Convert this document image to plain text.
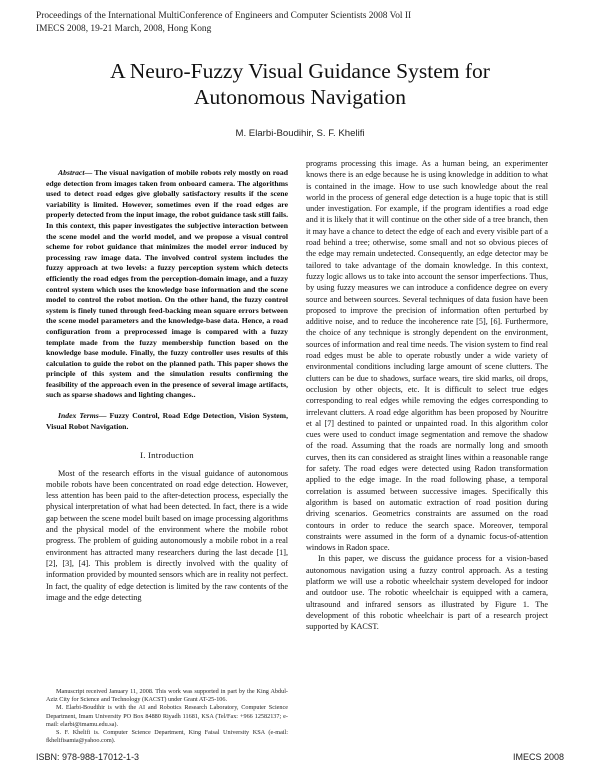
Proceedings of the International MultiConference of Engineers and Computer Scientists 2008 Vol II
IMECS 2008, 19-21 March, 2008, Hong Kong
A Neuro-Fuzzy Visual Guidance System for
Autonomous Navigation
M. Elarbi-Boudihir, S. F. Khelifi

Abstract— The visual navigation of mobile robots rely mostly on road edge detection from images taken from onboard camera. The algorithms used to detect road edges give globally satisfactory results if the scene variability is limited. However, sometimes even if the road edges are properly detected from the input image, the robot guidance task still fails. In this context, this paper investigates the subjective interaction between the scene model and the world model, and we propose a visual control scheme for robot guidance that minimizes the model error induced by processing raw image data. The involved control system includes the fuzzy approach at two levels: a fuzzy perception system which detects efficiently the road edges from the perception-domain image, and a fuzzy control system which uses the knowledge base information and the scene model to control the robot motion. On the other hand, the fuzzy control system is finely tuned through feed-backing mean square errors between the scene model parameters and the knowledge-base data. Hence, a road configuration from a preprocessed image is compared with a fuzzy template made from the fuzzy membership function based on the knowledge base module. Finally, the fuzzy controller uses results of this calculation to guide the robot on the planned path. This paper shows the principle of this system and the simulation results confirming the feasibility of the approach even in the presence of several image artifacts, such as sparse shadows and lighting changes..

Index Terms— Fuzzy Control, Road Edge Detection, Vision System, Visual Robot Navigation.

I. Introduction

Most of the research efforts in the visual guidance of autonomous mobile robots have been concentrated on road edge detection. However, less attention has been paid to the after-detection process, especially the physical interpretation of what had been detected. In fact, there is a wide gap between the scene model built based on image processing algorithms and the physical model of the environment where the mobile robot progress. The problem of guiding autonomously a mobile robot in a real environment has attracted many researchers during the last decade [1], [2], [3], [4]. This problem is directly involved with the quality of information provided by mounted sensors which are in reality not perfect. In fact, the quality of edge detection is limited by the raw contents of the image and the edge detecting

programs processing this image. As a human being, an experimenter knows there is an edge because he is using knowledge in addition to what is contained in the image. How to use such knowledge about the real world in the process of general edge detection is a huge topic that is still under investigation. For example, if the program identifies a road edge and it is likely that it will continue on the other side of a tree branch, then it may have a chance to detect the edge of each and every visible part of a road behind a tree; otherwise, some small and not so obvious pieces of the edge may remain undetected. Consequently, an edge detector may be tailored to take advantage of the domain knowledge. In this context, fuzzy logic allows us to take into account the sensor imperfections. Thus, by using fuzzy measures we can introduce a confidence degree on every source and between sources. Several techniques of data fusion have been proposed to improve the precision of information often perturbed by additive noise, and to reduce the incoherence rate [5], [6]. Furthermore, the choice of any technique is strongly dependent on the environment, sources of information and real time needs. The vision system to find real road edges must be able to operate robustly under a wide variety of environmental conditions including large amount of scene clutters. The clutters can be due to shadows, surface wears, tire skid marks, oil drops, occlusion by other objects, etc. It is difficult to select true edges corresponding to real edges while removing the edges corresponding to irrelevant clutters. A road edge algorithm has been proposed by Nouritre et al [7] destined to painted or unpainted road. In this algorithm color cues were used to conduct image segmentation and remove the shadow of the road. Assuming that the roads are normally long and smooth curves, then its can considered as straight lines within a reasonable range for safety. The road edges were detected using Radon transformation applied to the edge image. In the road following phase, a temporal correlation is assumed between successive images. Specifically this algorithm is based on automatic extraction of road position during driving scenarios. Geometrics constraints are assumed on the road contours in order to reduce the search space. Moreover, temporal constraints were assumed in the form of a dynamic focus-of-attention windows in Radon space.

In this paper, we discuss the guidance process for a vision-based autonomous navigation using a fuzzy control approach. As a testing platform we will use a robotic wheelchair system developed for indoor and outdoor use. The robotic wheelchair is equipped with a camera, ultrasound and infrared sensors as illustrated by Figure 1. The development of this robotic wheelchair is part of a research project supported by KACST.

Manuscript received January 11, 2008. This work was supported in part by the King Abdul-Aziz City for Science and Technology (KACST) under Grant AT-25-106.

M. Elarbi-Boudihir is with the AI and Robotics Research Laboratory, Computer Science Department, Imam University PO Box 84880 Riyadh 11681, KSA (Tel/Fax: +966 12582137; e-mail: elarbi@imamu.edu.sa).

S. F. Khelifi is. Computer Science Department, King Faisal University KSA (e-mail: fkhelifisamia@yahoo.com).

ISBN: 978-988-17012-1-3	IMECS 2008
